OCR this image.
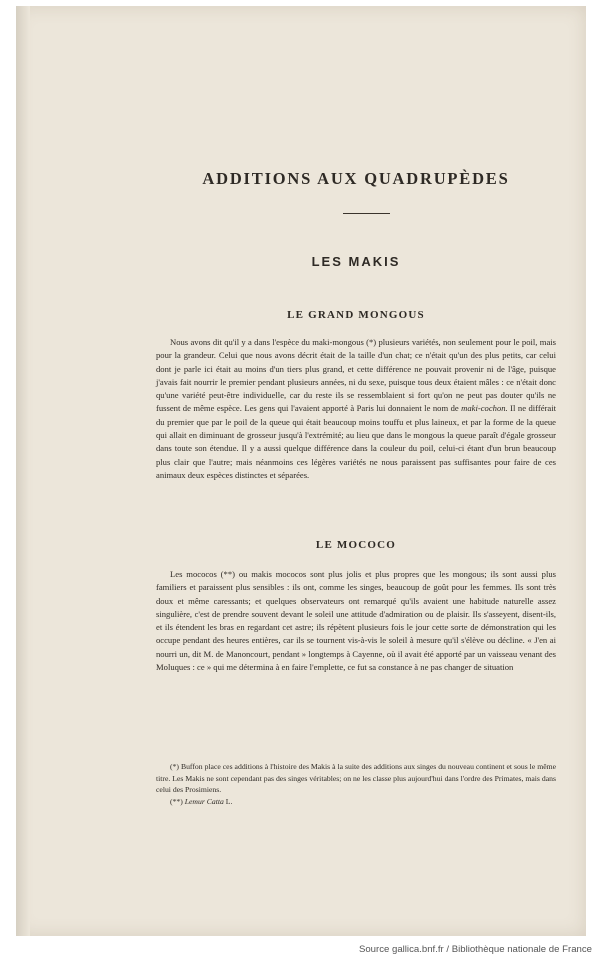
ADDITIONS AUX QUADRUPÈDES
LES MAKIS
LE GRAND MONGOUS

Nous avons dit qu'il y a dans l'espèce du maki-mongous (*) plusieurs variétés, non seulement pour le poil, mais pour la grandeur. Celui que nous avons décrit était de la taille d'un chat; ce n'était qu'un des plus petits, car celui dont je parle ici était au moins d'un tiers plus grand, et cette différence ne pouvait provenir ni de l'âge, puisque j'avais fait nourrir le premier pendant plusieurs années, ni du sexe, puisque tous deux étaient mâles : ce n'était donc qu'une variété peut-être individuelle, car du reste ils se ressemblaient si fort qu'on ne peut pas douter qu'ils ne fussent de même espèce. Les gens qui l'avaient apporté à Paris lui donnaient le nom de maki-cochon. Il ne différait du premier que par le poil de la queue qui était beaucoup moins touffu et plus laineux, et par la forme de la queue qui allait en diminuant de grosseur jusqu'à l'extrémité; au lieu que dans le mongous la queue paraît d'égale grosseur dans toute son étendue. Il y a aussi quelque différence dans la couleur du poil, celui-ci étant d'un brun beaucoup plus clair que l'autre; mais néanmoins ces légères variétés ne nous paraissent pas suffisantes pour faire de ces animaux deux espèces distinctes et séparées.

LE MOCOCO

Les mococos (**) ou makis mococos sont plus jolis et plus propres que les mongous; ils sont aussi plus familiers et paraissent plus sensibles : ils ont, comme les singes, beaucoup de goût pour les femmes. Ils sont très doux et même caressants; et quelques observateurs ont remarqué qu'ils avaient une habitude naturelle assez singulière, c'est de prendre souvent devant le soleil une attitude d'admiration ou de plaisir. Ils s'asseyent, disent-ils, et ils étendent les bras en regardant cet astre; ils répètent plusieurs fois le jour cette sorte de démonstration qui les occupe pendant des heures entières, car ils se tournent vis-à-vis le soleil à mesure qu'il s'élève ou décline. « J'en ai nourri un, dit M. de Manoncourt, pendant » longtemps à Cayenne, où il avait été apporté par un vaisseau venant des Moluques : ce » qui me détermina à en faire l'emplette, ce fut sa constance à ne pas changer de situation

(*) Buffon place ces additions à l'histoire des Makis à la suite des additions aux singes du nouveau continent et sous le même titre. Les Makis ne sont cependant pas des singes véritables; on ne les classe plus aujourd'hui dans l'ordre des Primates, mais dans celui des Prosimiens.
(**) Lemur Catta L.
Source gallica.bnf.fr / Bibliothèque nationale de France
